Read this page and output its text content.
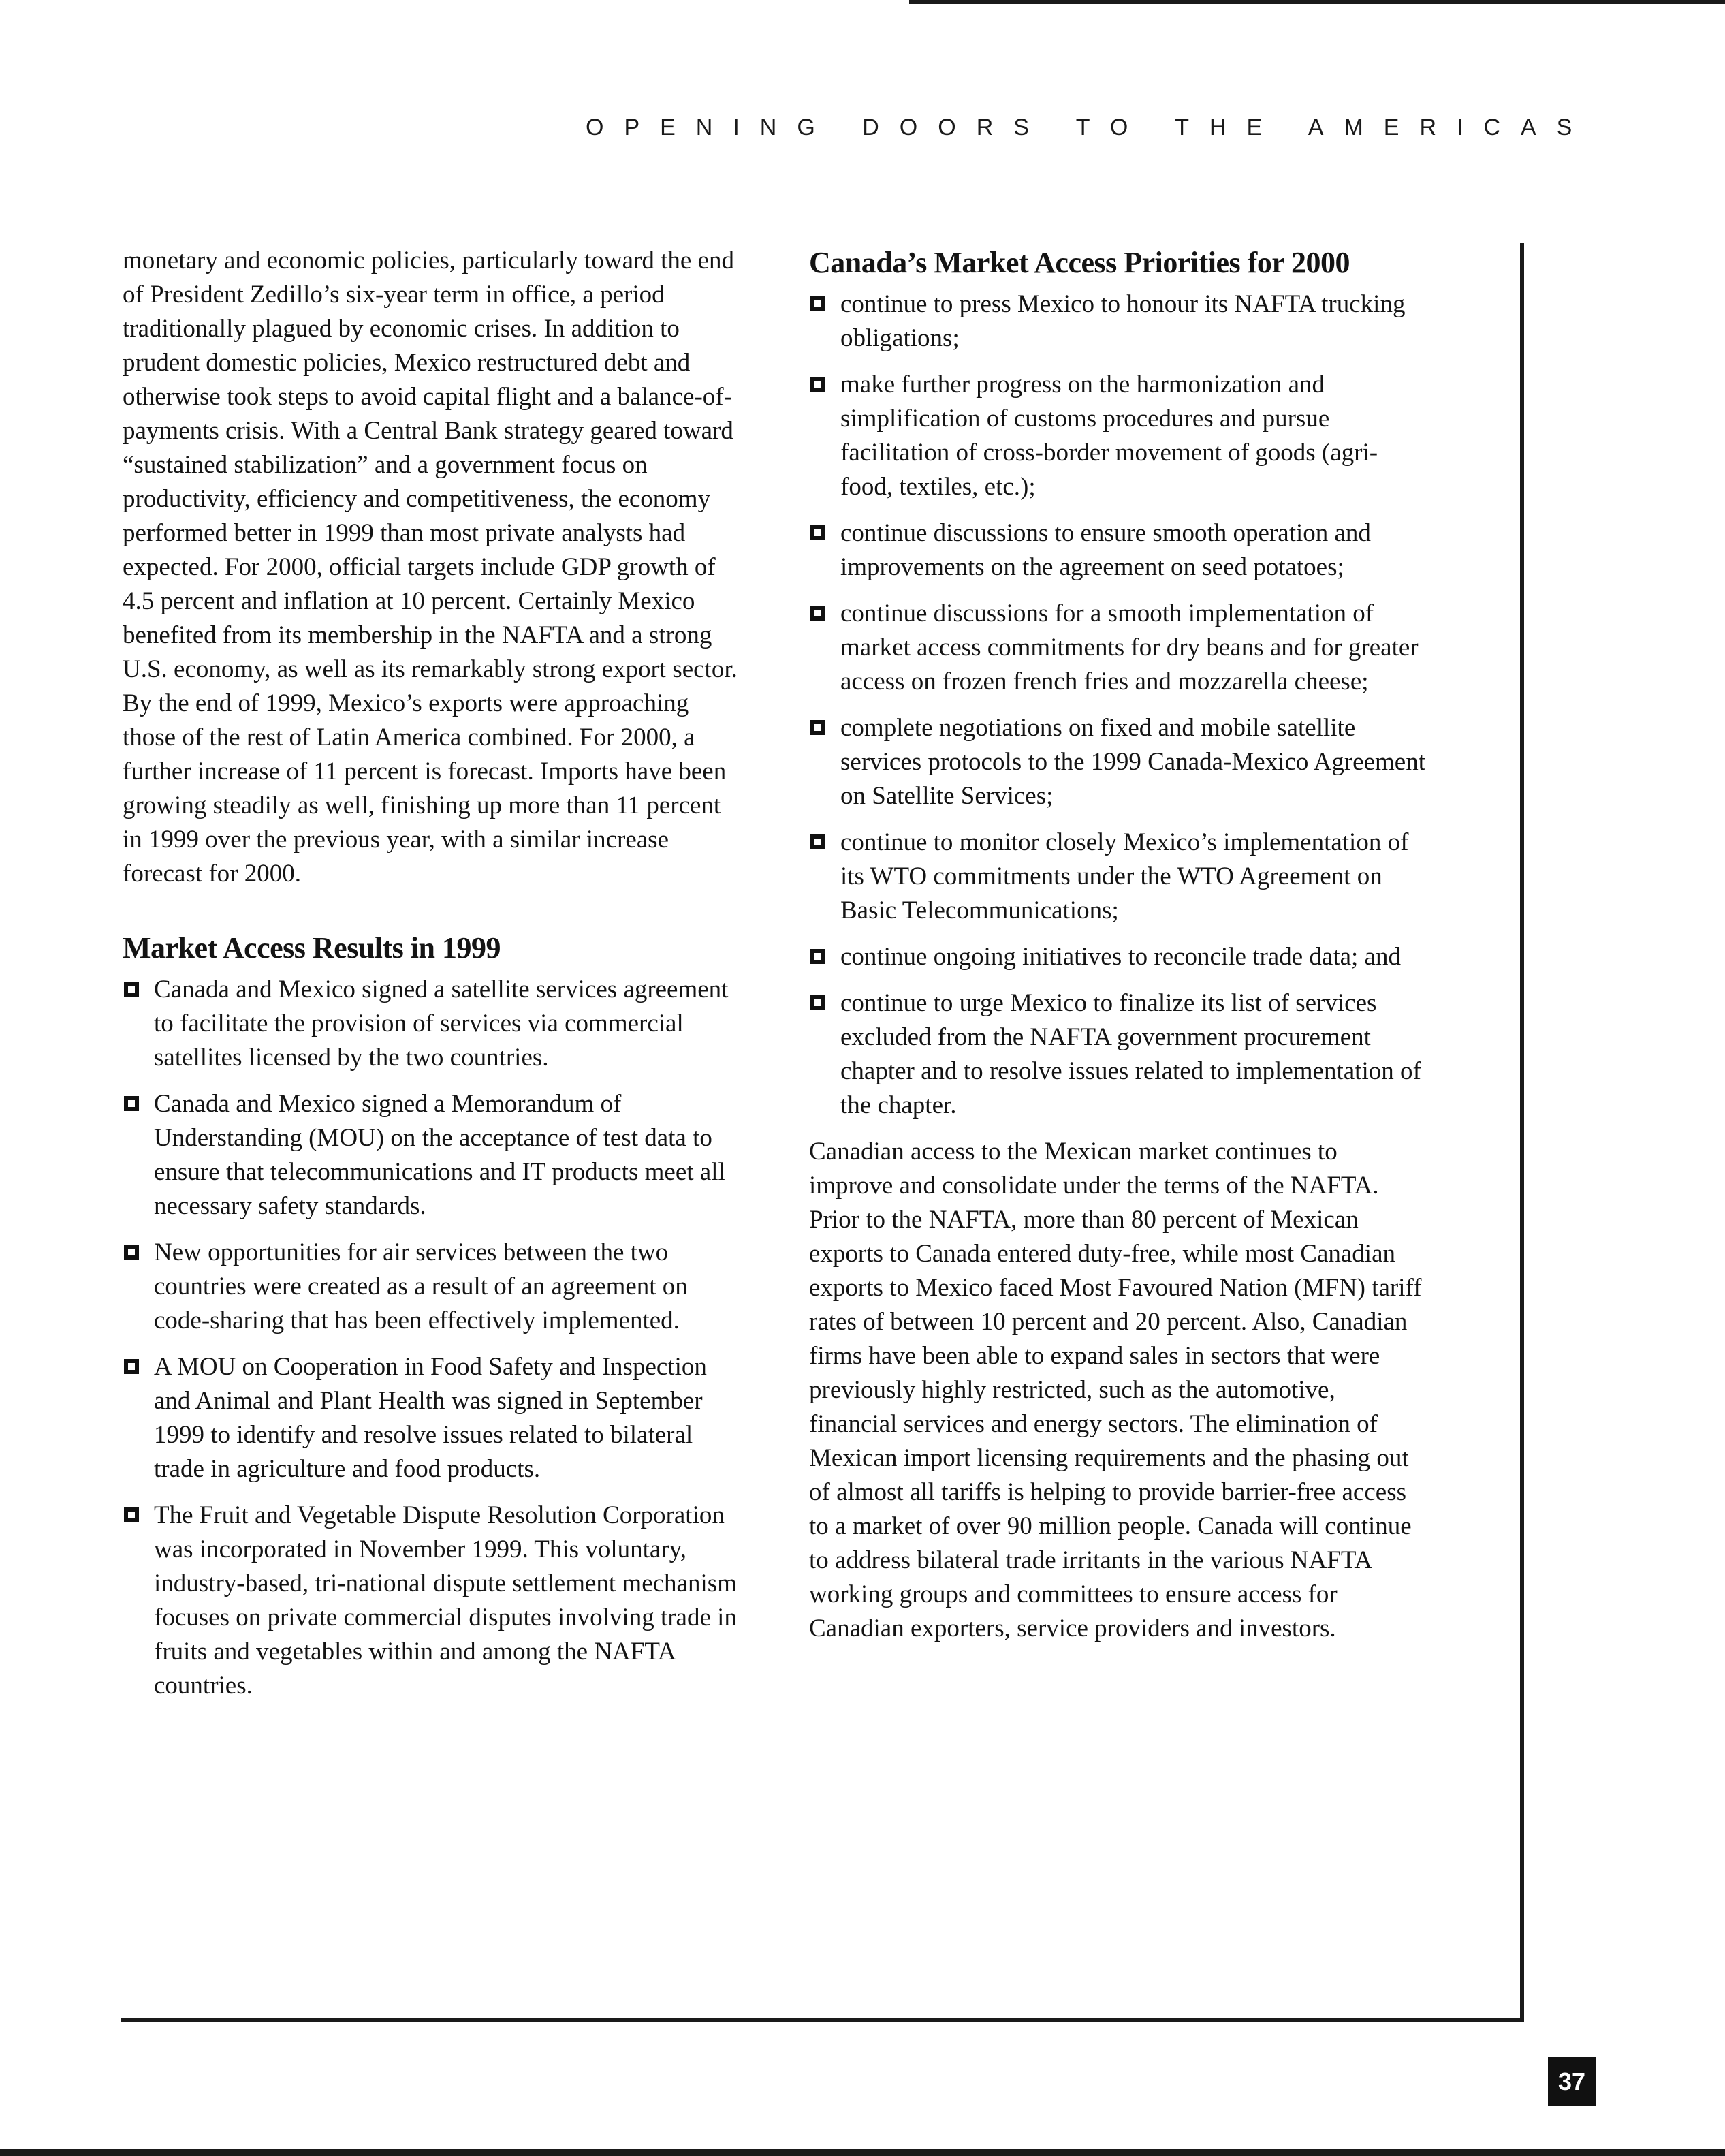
OPENING DOORS TO THE AMERICAS

monetary and economic policies, particularly toward the end of President Zedillo’s six-year term in office, a period traditionally plagued by economic crises. In addition to prudent domestic policies, Mexico restructured debt and otherwise took steps to avoid capital flight and a balance-of-payments crisis. With a Central Bank strategy geared toward “sustained stabilization” and a government focus on productivity, efficiency and competitiveness, the economy performed better in 1999 than most private analysts had expected. For 2000, official targets include GDP growth of 4.5 percent and inflation at 10 percent. Certainly Mexico benefited from its membership in the NAFTA and a strong U.S. economy, as well as its remarkably strong export sector. By the end of 1999, Mexico’s exports were approaching those of the rest of Latin America combined. For 2000, a further increase of 11 percent is forecast. Imports have been growing steadily as well, finishing up more than 11 percent in 1999 over the previous year, with a similar increase forecast for 2000.

Market Access Results in 1999
Canada and Mexico signed a satellite services agreement to facilitate the provision of services via commercial satellites licensed by the two countries.
Canada and Mexico signed a Memorandum of Understanding (MOU) on the acceptance of test data to ensure that telecommunications and IT products meet all necessary safety standards.
New opportunities for air services between the two countries were created as a result of an agreement on code-sharing that has been effectively implemented.
A MOU on Cooperation in Food Safety and Inspection and Animal and Plant Health was signed in September 1999 to identify and resolve issues related to bilateral trade in agriculture and food products.
The Fruit and Vegetable Dispute Resolution Corporation was incorporated in November 1999. This voluntary, industry-based, tri-national dispute settlement mechanism focuses on private commercial disputes involving trade in fruits and vegetables within and among the NAFTA countries.
Canada’s Market Access Priorities for 2000
continue to press Mexico to honour its NAFTA trucking obligations;
make further progress on the harmonization and simplification of customs procedures and pursue facilitation of cross-border movement of goods (agri-food, textiles, etc.);
continue discussions to ensure smooth operation and improvements on the agreement on seed potatoes;
continue discussions for a smooth implementation of market access commitments for dry beans and for greater access on frozen french fries and mozzarella cheese;
complete negotiations on fixed and mobile satellite services protocols to the 1999 Canada-Mexico Agreement on Satellite Services;
continue to monitor closely Mexico’s implementation of its WTO commitments under the WTO Agreement on Basic Telecommunications;
continue ongoing initiatives to reconcile trade data; and
continue to urge Mexico to finalize its list of services excluded from the NAFTA government procurement chapter and to resolve issues related to implementation of the chapter.

Canadian access to the Mexican market continues to improve and consolidate under the terms of the NAFTA. Prior to the NAFTA, more than 80 percent of Mexican exports to Canada entered duty-free, while most Canadian exports to Mexico faced Most Favoured Nation (MFN) tariff rates of between 10 percent and 20 percent. Also, Canadian firms have been able to expand sales in sectors that were previously highly restricted, such as the automotive, financial services and energy sectors. The elimination of Mexican import licensing requirements and the phasing out of almost all tariffs is helping to provide barrier-free access to a market of over 90 million people. Canada will continue to address bilateral trade irritants in the various NAFTA working groups and committees to ensure access for Canadian exporters, service providers and investors.

37
